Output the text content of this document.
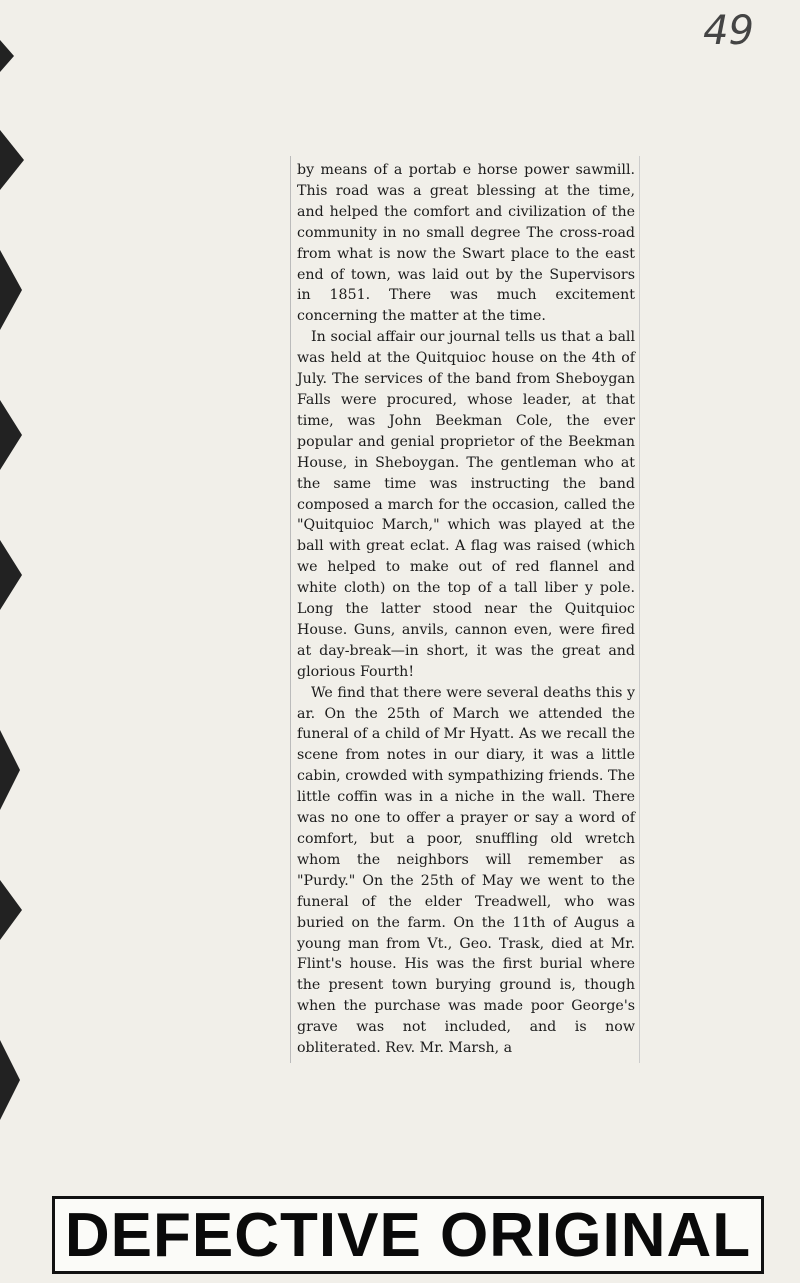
49

by means of a portab e horse power sawmill. This road was a great blessing at the time, and helped the comfort and civilization of the community in no small degree The cross-road from what is now the Swart place to the east end of town, was laid out by the Supervisors in 1851. There was much excitement concerning the matter at the time.

In social affair our journal tells us that a ball was held at the Quitquioc house on the 4th of July. The services of the band from Sheboygan Falls were procured, whose leader, at that time, was John Beekman Cole, the ever popular and genial proprietor of the Beekman House, in Sheboygan. The gentleman who at the same time was instructing the band composed a march for the occasion, called the "Quitquioc March," which was played at the ball with great eclat. A flag was raised (which we helped to make out of red flannel and white cloth) on the top of a tall liber y pole. Long the latter stood near the Quitquioc House. Guns, anvils, cannon even, were fired at day-break—in short, it was the great and glorious Fourth!

We find that there were several deaths this y ar. On the 25th of March we attended the funeral of a child of Mr Hyatt. As we recall the scene from notes in our diary, it was a little cabin, crowded with sympathizing friends. The little coffin was in a niche in the wall. There was no one to offer a prayer or say a word of comfort, but a poor, snuffling old wretch whom the neighbors will remember as "Purdy." On the 25th of May we went to the funeral of the elder Treadwell, who was buried on the farm. On the 11th of Augus a young man from Vt., Geo. Trask, died at Mr. Flint's house. His was the first burial where the present town burying ground is, though when the purchase was made poor George's grave was not included, and is now obliterated. Rev. Mr. Marsh, a

DEFECTIVE ORIGINAL
